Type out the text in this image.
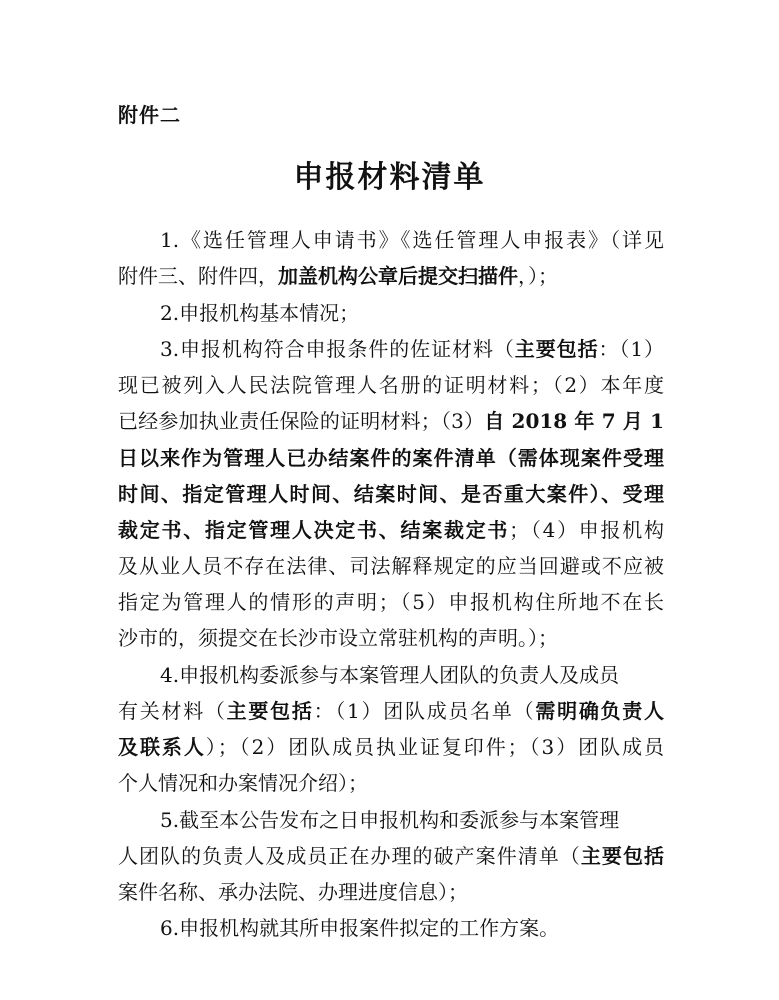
附件二
申报材料清单
1.《选任管理人申请书》《选任管理人申报表》（详见
附件三、附件四，加盖机构公章后提交扫描件，）；
2.申报机构基本情况；
3.申报机构符合申报条件的佐证材料（主要包括：（1）
现已被列入人民法院管理人名册的证明材料；（2）本年度
已经参加执业责任保险的证明材料；（3）自 2018 年 7 月 1
日以来作为管理人已办结案件的案件清单（需体现案件受理
时间、指定管理人时间、结案时间、是否重大案件）、受理
裁定书、指定管理人决定书、结案裁定书；（4）申报机构
及从业人员不存在法律、司法解释规定的应当回避或不应被
指定为管理人的情形的声明；（5）申报机构住所地不在长
沙市的，须提交在长沙市设立常驻机构的声明。）；
4.申报机构委派参与本案管理人团队的负责人及成员
有关材料（主要包括：（1）团队成员名单（需明确负责人
及联系人）；（2）团队成员执业证复印件；（3）团队成员
个人情况和办案情况介绍）；
5.截至本公告发布之日申报机构和委派参与本案管理
人团队的负责人及成员正在办理的破产案件清单（主要包括
案件名称、承办法院、办理进度信息）；
6.申报机构就其所申报案件拟定的工作方案。
